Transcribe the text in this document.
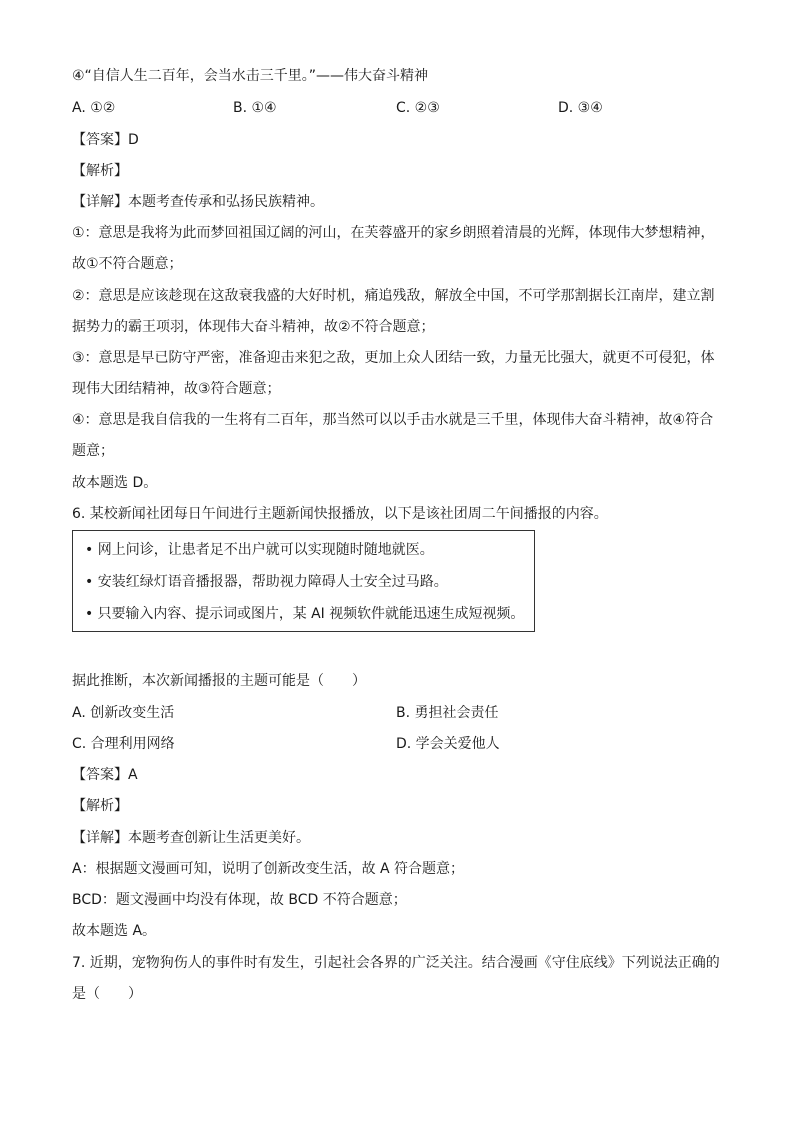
④“自信人生二百年，会当水击三千里。”——伟大奋斗精神
A. ①②	B. ①④	C. ②③	D. ③④
【答案】D
【解析】
【详解】本题考查传承和弘扬民族精神。
①：意思是我将为此而梦回祖国辽阔的河山，在芙蓉盛开的家乡朗照着清晨的光辉，体现伟大梦想精神，
故①不符合题意；
②：意思是应该趁现在这敌衰我盛的大好时机，痛追残敌，解放全中国，不可学那割据长江南岸，建立割
据势力的霸王项羽，体现伟大奋斗精神，故②不符合题意；
③：意思是早已防守严密，准备迎击来犯之敌，更加上众人团结一致，力量无比强大，就更不可侵犯，体
现伟大团结精神，故③符合题意；
④：意思是我自信我的一生将有二百年，那当然可以以手击水就是三千里，体现伟大奋斗精神，故④符合
题意；
故本题选 D。
6. 某校新闻社团每日午间进行主题新闻快报播放，以下是该社团周二午间播报的内容。
• 网上问诊，让患者足不出户就可以实现随时随地就医。
• 安装红绿灯语音播报器，帮助视力障碍人士安全过马路。
• 只要输入内容、提示词或图片，某 AI 视频软件就能迅速生成短视频。
据此推断，本次新闻播报的主题可能是（　　）
A. 创新改变生活	B. 勇担社会责任
C. 合理利用网络	D. 学会关爱他人
【答案】A
【解析】
【详解】本题考查创新让生活更美好。
A：根据题文漫画可知，说明了创新改变生活，故 A 符合题意；
BCD：题文漫画中均没有体现，故 BCD 不符合题意；
故本题选 A。
7. 近期，宠物狗伤人的事件时有发生，引起社会各界的广泛关注。结合漫画《守住底线》下列说法正确的
是（　　）
